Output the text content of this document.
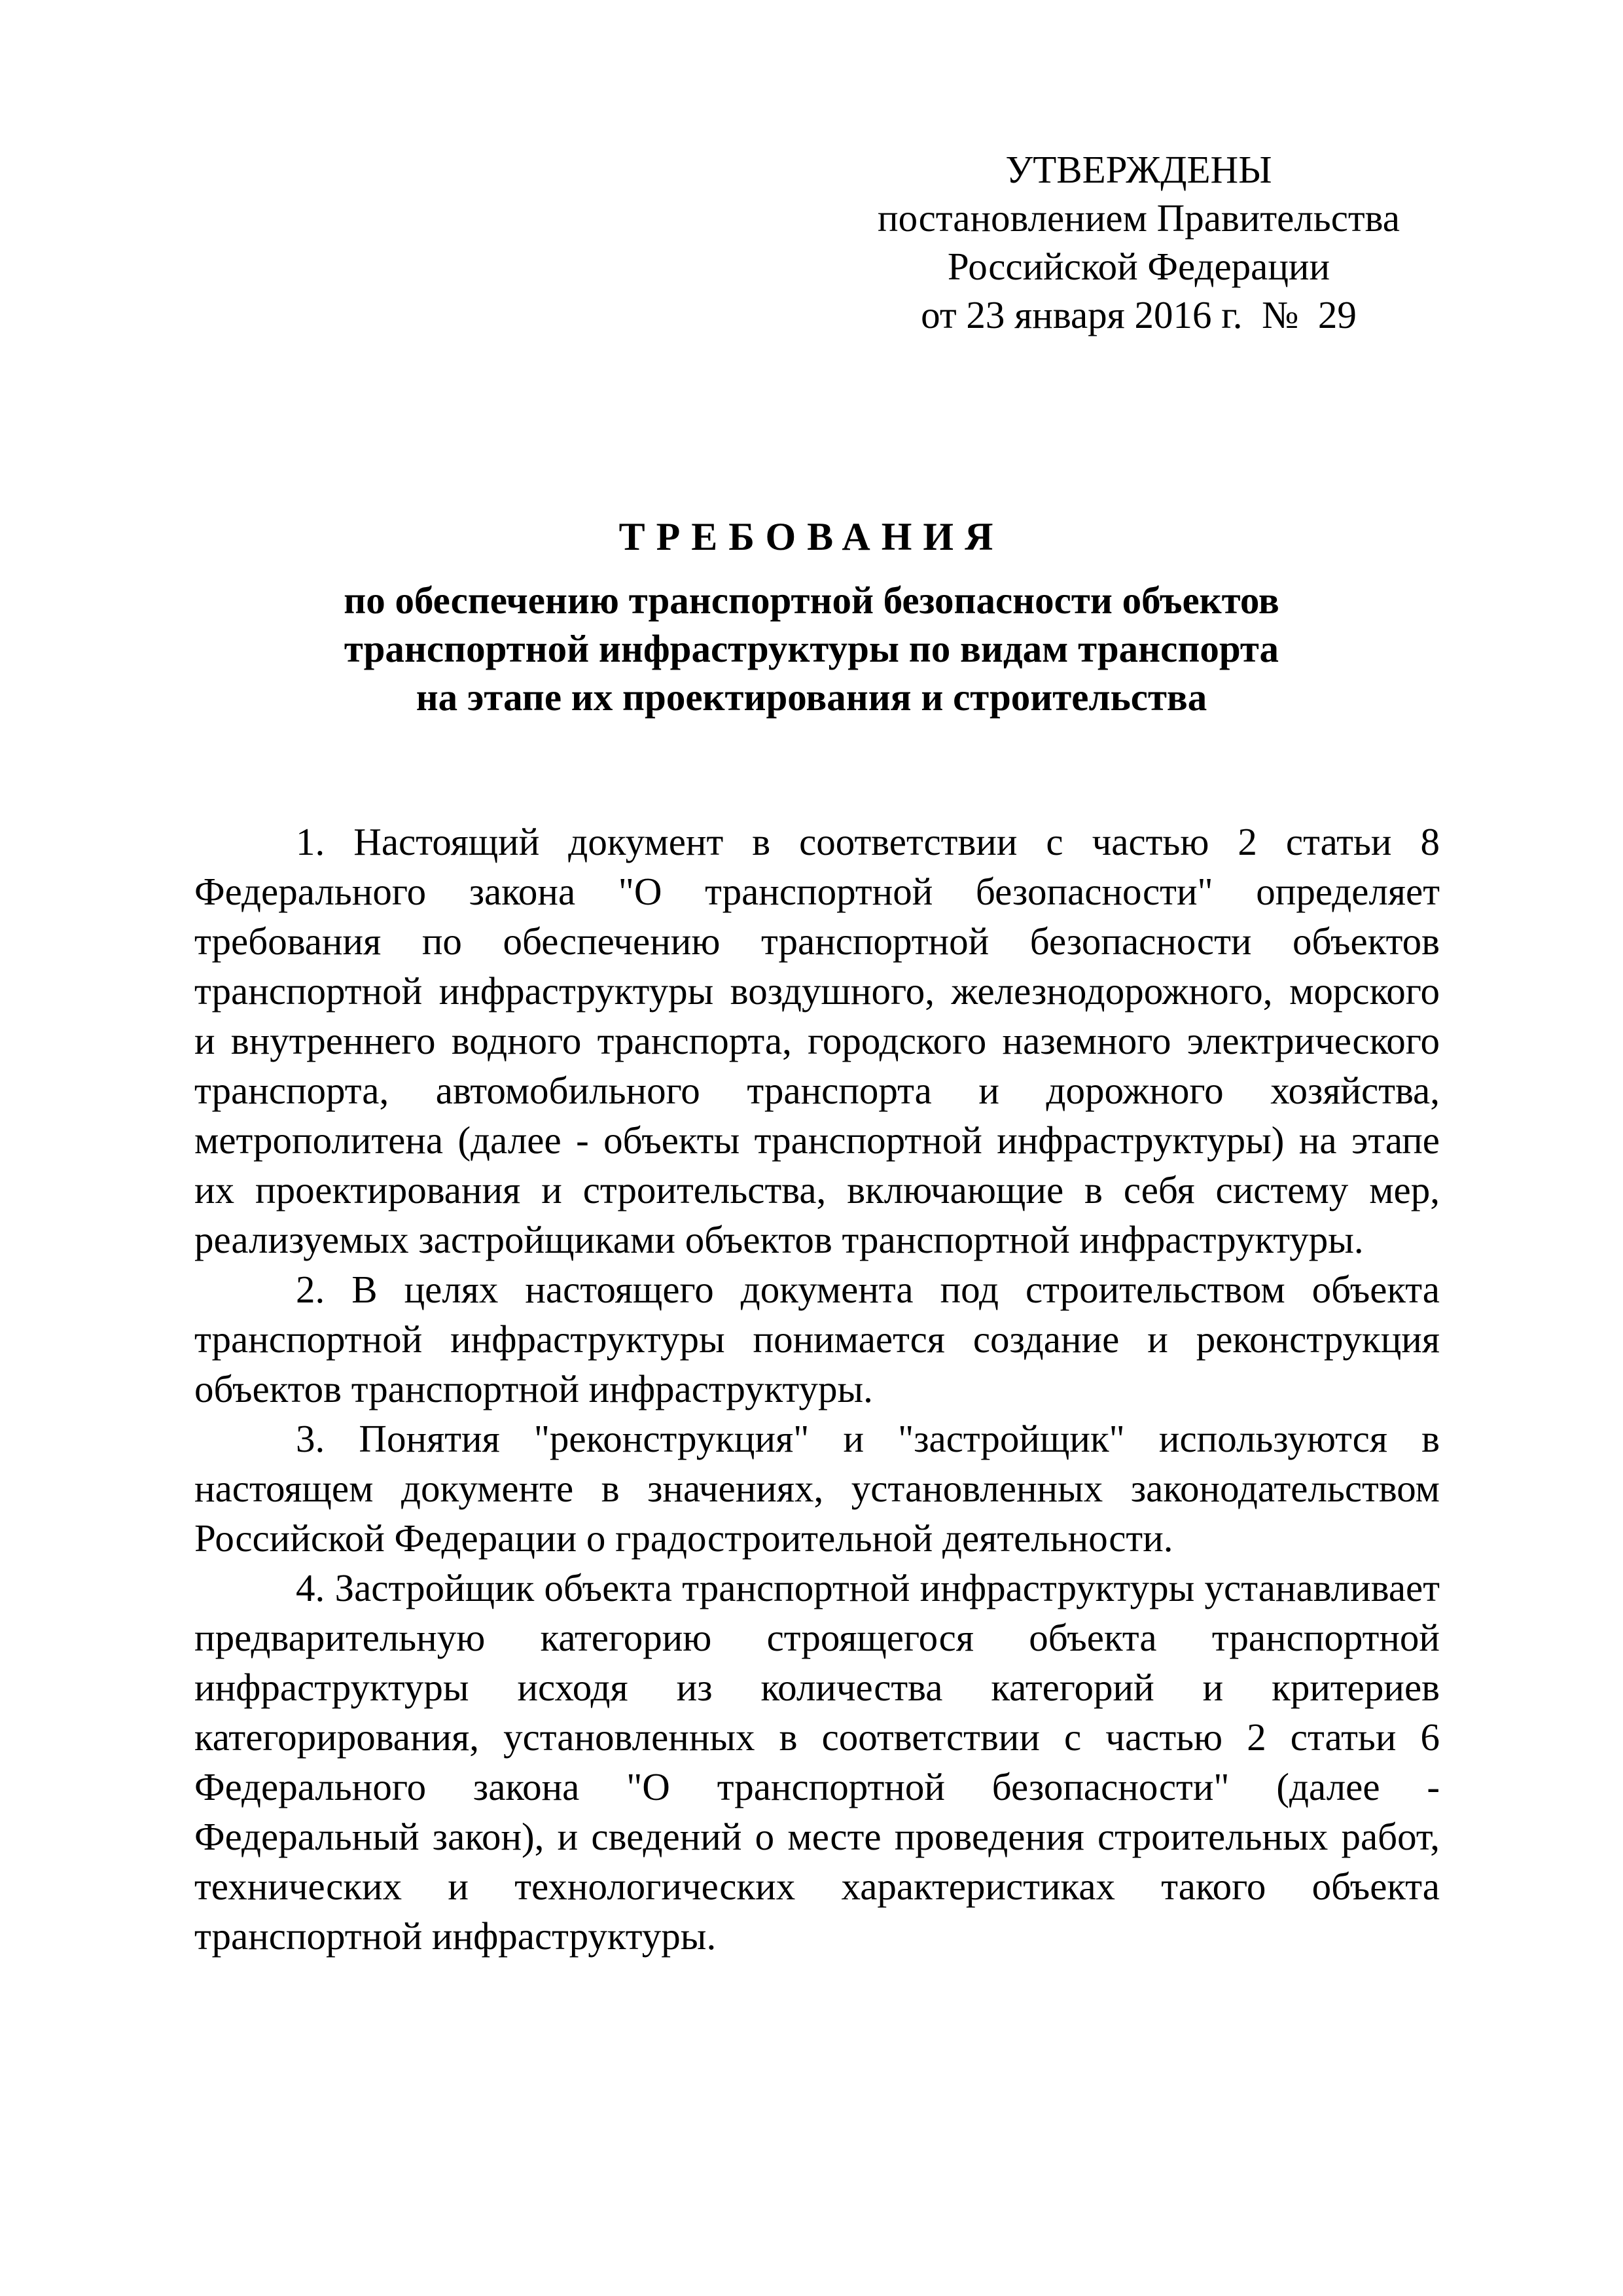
УТВЕРЖДЕНЫ
постановлением Правительства
Российской Федерации
от 23 января 2016 г.  №  29
ТРЕБОВАНИЯ
по обеспечению транспортной безопасности объектов
транспортной инфраструктуры по видам транспорта
на этапе их проектирования и строительства

1. Настоящий документ в соответствии с частью 2 статьи 8 Федерального закона "О транспортной безопасности" определяет требования по обеспечению транспортной безопасности объектов транспортной инфраструктуры воздушного, железнодорожного, морского и внутреннего водного транспорта, городского наземного электрического транспорта, автомобильного транспорта и дорожного хозяйства, метрополитена (далее - объекты транспортной инфраструктуры) на этапе их проектирования и строительства, включающие в себя систему мер, реализуемых застройщиками объектов транспортной инфраструктуры.

2. В целях настоящего документа под строительством объекта транспортной инфраструктуры понимается создание и реконструкция объектов транспортной инфраструктуры.

3. Понятия "реконструкция" и "застройщик" используются в настоящем документе в значениях, установленных законодательством Российской Федерации о градостроительной деятельности.

4. Застройщик объекта транспортной инфраструктуры устанавливает предварительную категорию строящегося объекта транспортной инфраструктуры исходя из количества категорий и критериев категорирования, установленных в соответствии с частью 2 статьи 6 Федерального закона "О транспортной безопасности" (далее - Федеральный закон), и сведений о месте проведения строительных работ, технических и технологических характеристиках такого объекта транспортной инфраструктуры.
